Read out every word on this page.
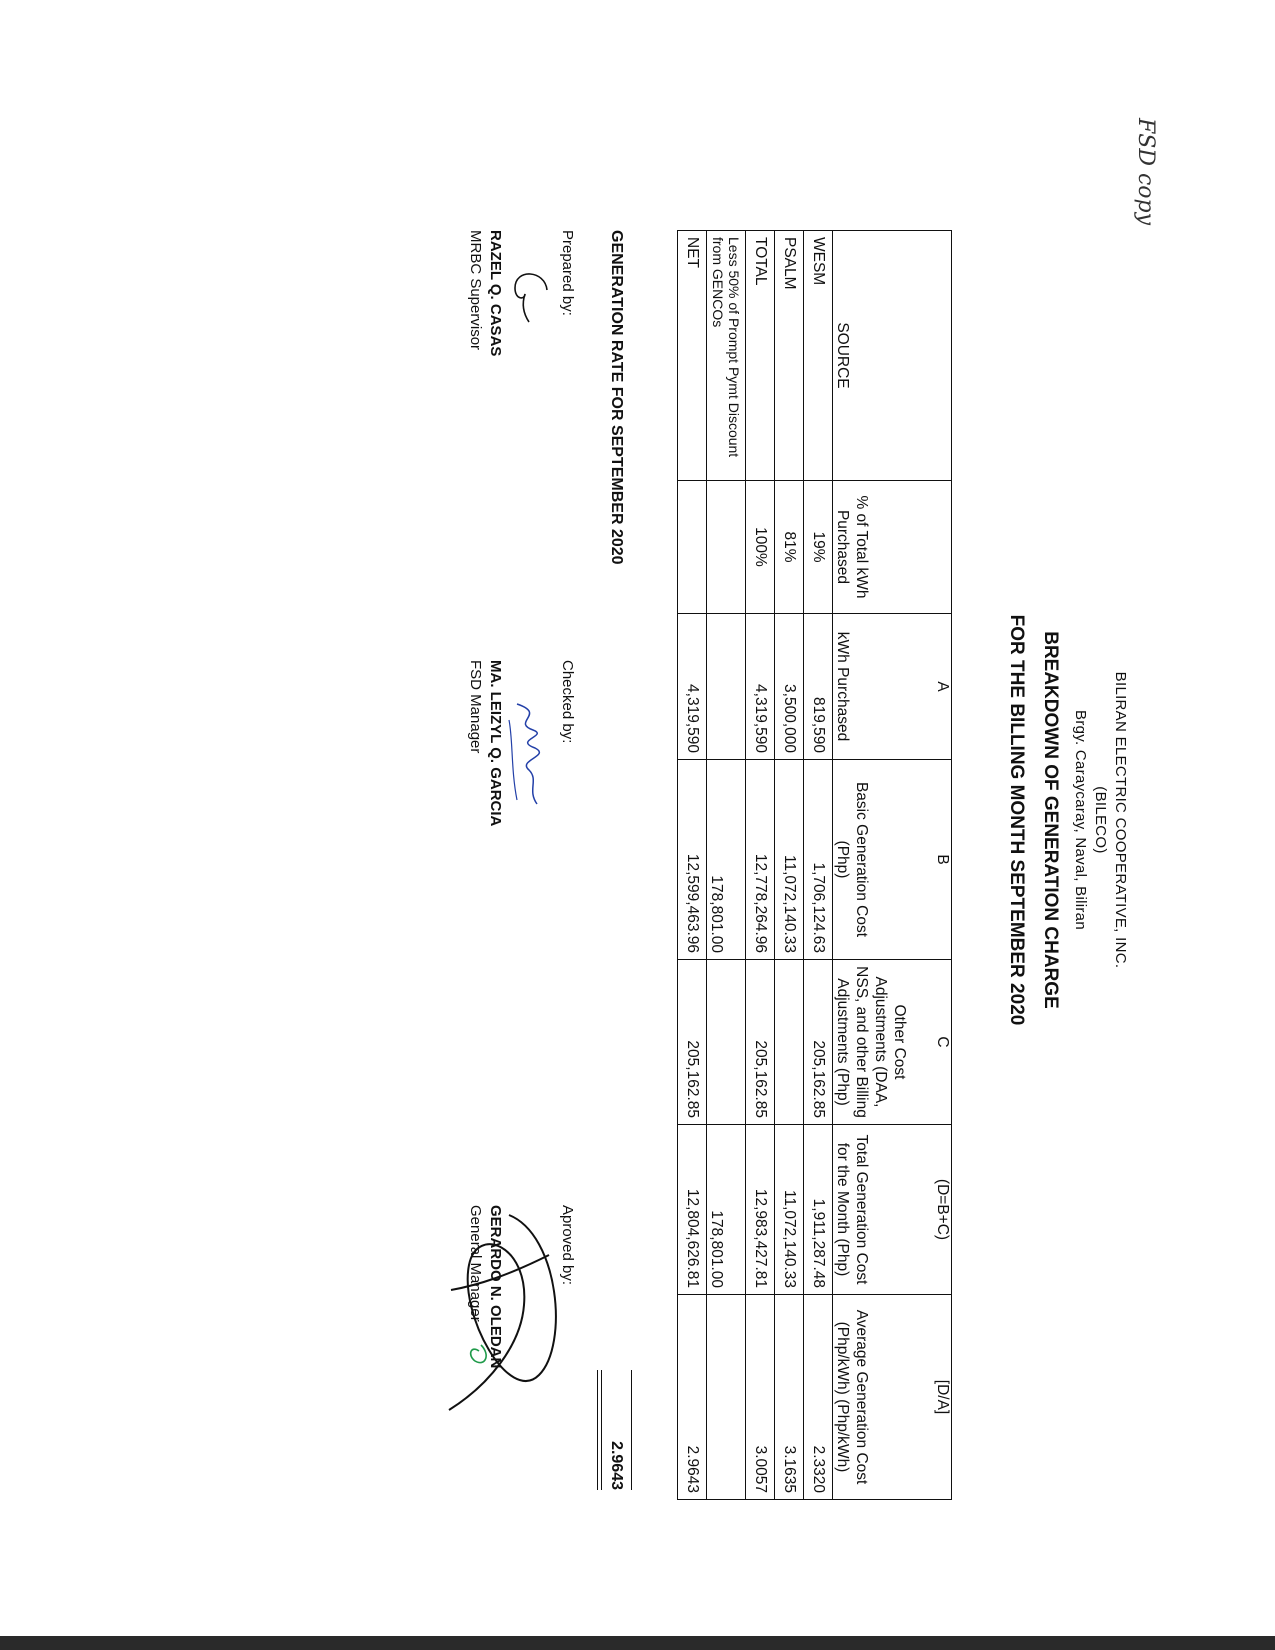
FSD copy
BILIRAN ELECTRIC COOPERATIVE, INC.
(BILECO)
Brgy. Caraycaray, Naval, Biliran
BREAKDOWN OF GENERATION CHARGE
FOR THE BILLING MONTH SEPTEMBER 2020
		A	B	C	(D=B+C)	[D/A]
SOURCE	% of Total kWh Purchased	kWh Purchased	Basic Generation Cost (Php)	Other Cost Adjustments (DAA, NSS, and other Billing Adjustments (Php)	Total Generation Cost for the Month (Php)	Average Generation Cost (Php/kWh) (Php/kWh)
WESM	19%	819,590	1,706,124.63	205,162.85	1,911,287.48	2.3320
PSALM	81%	3,500,000	11,072,140.33		11,072,140.33	3.1635
TOTAL	100%	4,319,590	12,778,264.96	205,162.85	12,983,427.81	3.0057
Less 50% of Prompt Pymt Discount from GENCOs			178,801.00		178,801.00	
NET		4,319,590	12,599,463.96	205,162.85	12,804,626.81	2.9643
GENERATION RATE FOR SEPTEMBER 2020
2.9643
Prepared by:
RAZEL Q. CASAS
MRBC Supervisor
Checked by:
MA. LEIZYL Q. GARCIA
FSD Manager
Aproved by:
GERARDO N. OLEDAN
General Manager
